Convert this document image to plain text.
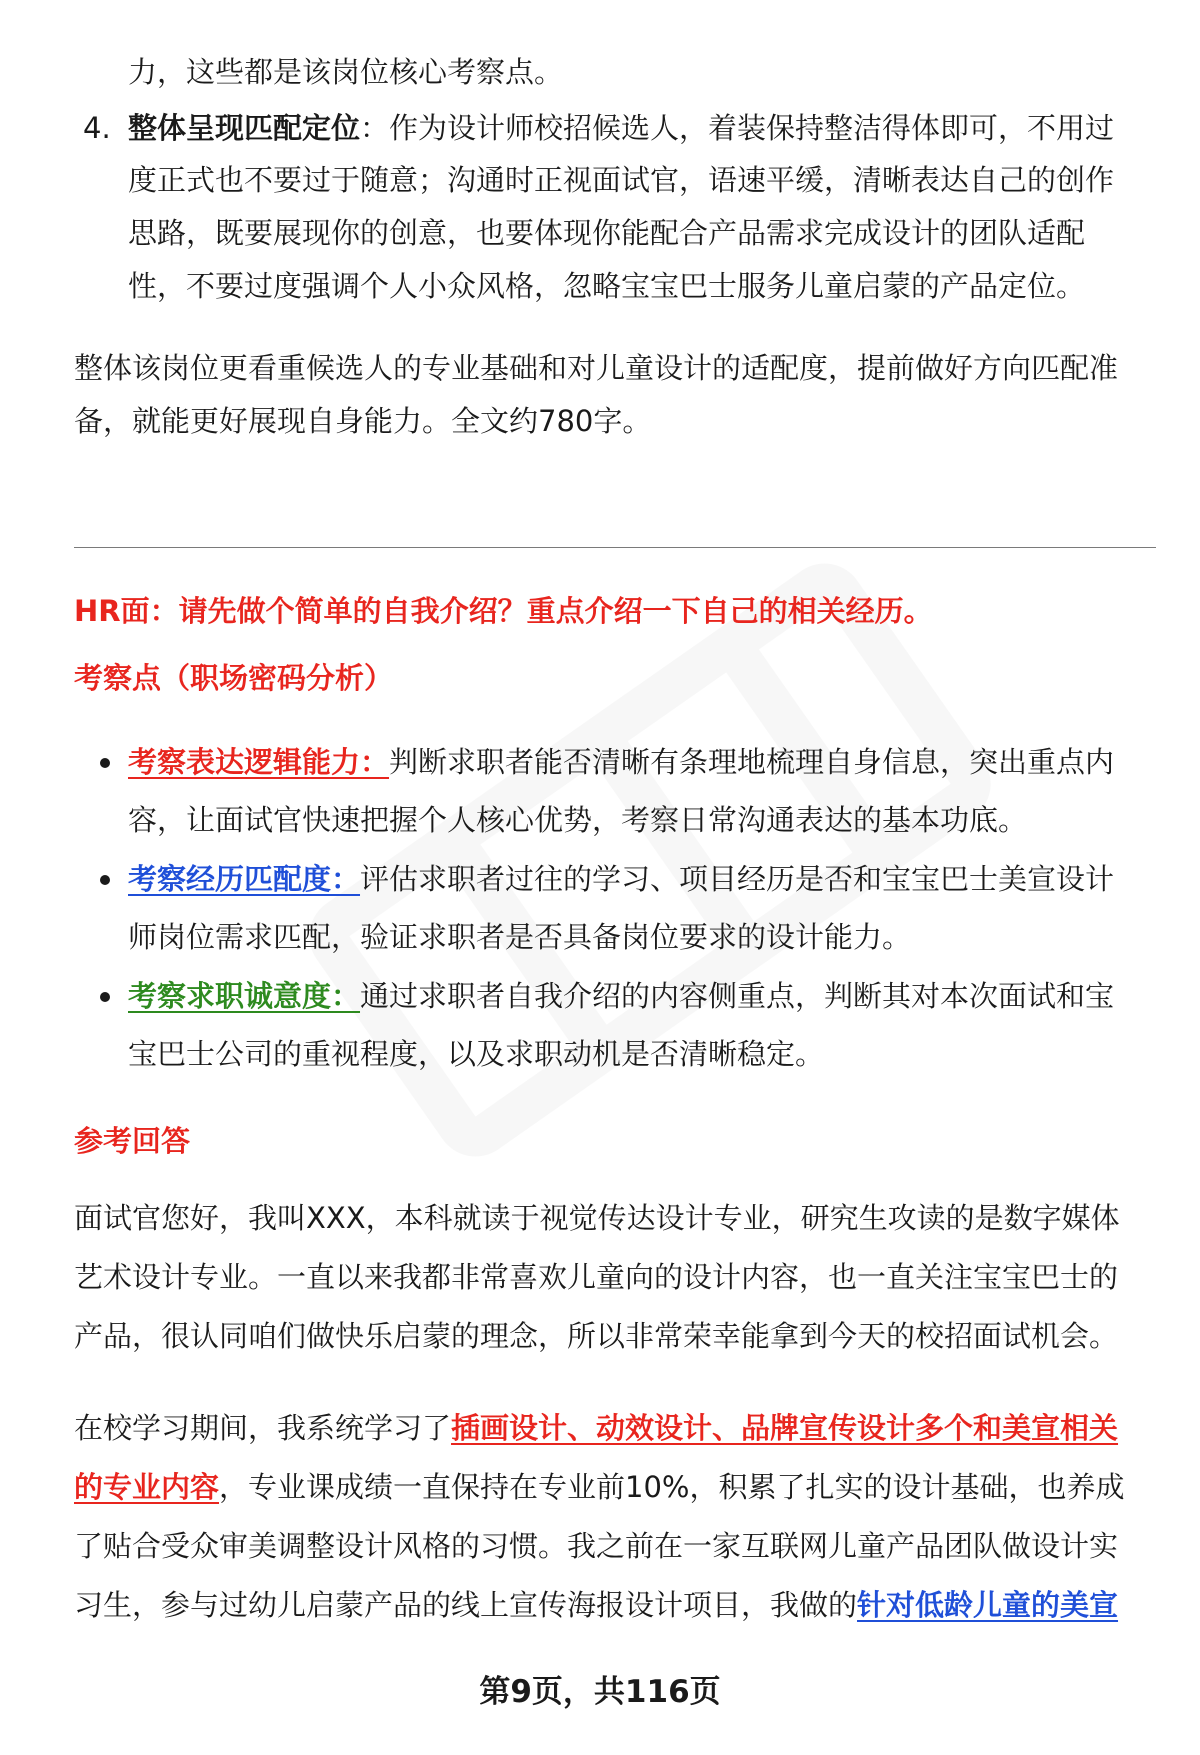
力，这些都是该岗位核心考察点。
4. 整体呈现匹配定位：作为设计师校招候选人，着装保持整洁得体即可，不用过
度正式也不要过于随意；沟通时正视面试官，语速平缓，清晰表达自己的创作
思路，既要展现你的创意，也要体现你能配合产品需求完成设计的团队适配
性，不要过度强调个人小众风格，忽略宝宝巴士服务儿童启蒙的产品定位。
整体该岗位更看重候选人的专业基础和对儿童设计的适配度，提前做好方向匹配准
备，就能更好展现自身能力。全文约780字。
HR面：请先做个简单的自我介绍？重点介绍一下自己的相关经历。
考察点（职场密码分析）
考察表达逻辑能力：判断求职者能否清晰有条理地梳理自身信息，突出重点内
容，让面试官快速把握个人核心优势，考察日常沟通表达的基本功底。
考察经历匹配度：评估求职者过往的学习、项目经历是否和宝宝巴士美宣设计
师岗位需求匹配，验证求职者是否具备岗位要求的设计能力。
考察求职诚意度：通过求职者自我介绍的内容侧重点，判断其对本次面试和宝
宝巴士公司的重视程度，以及求职动机是否清晰稳定。
参考回答
面试官您好，我叫XXX，本科就读于视觉传达设计专业，研究生攻读的是数字媒体
艺术设计专业。一直以来我都非常喜欢儿童向的设计内容，也一直关注宝宝巴士的
产品，很认同咱们做快乐启蒙的理念，所以非常荣幸能拿到今天的校招面试机会。
在校学习期间，我系统学习了插画设计、动效设计、品牌宣传设计多个和美宣相关
的专业内容，专业课成绩一直保持在专业前10%，积累了扎实的设计基础，也养成
了贴合受众审美调整设计风格的习惯。我之前在一家互联网儿童产品团队做设计实
习生，参与过幼儿启蒙产品的线上宣传海报设计项目，我做的针对低龄儿童的美宣
第9页，共116页
